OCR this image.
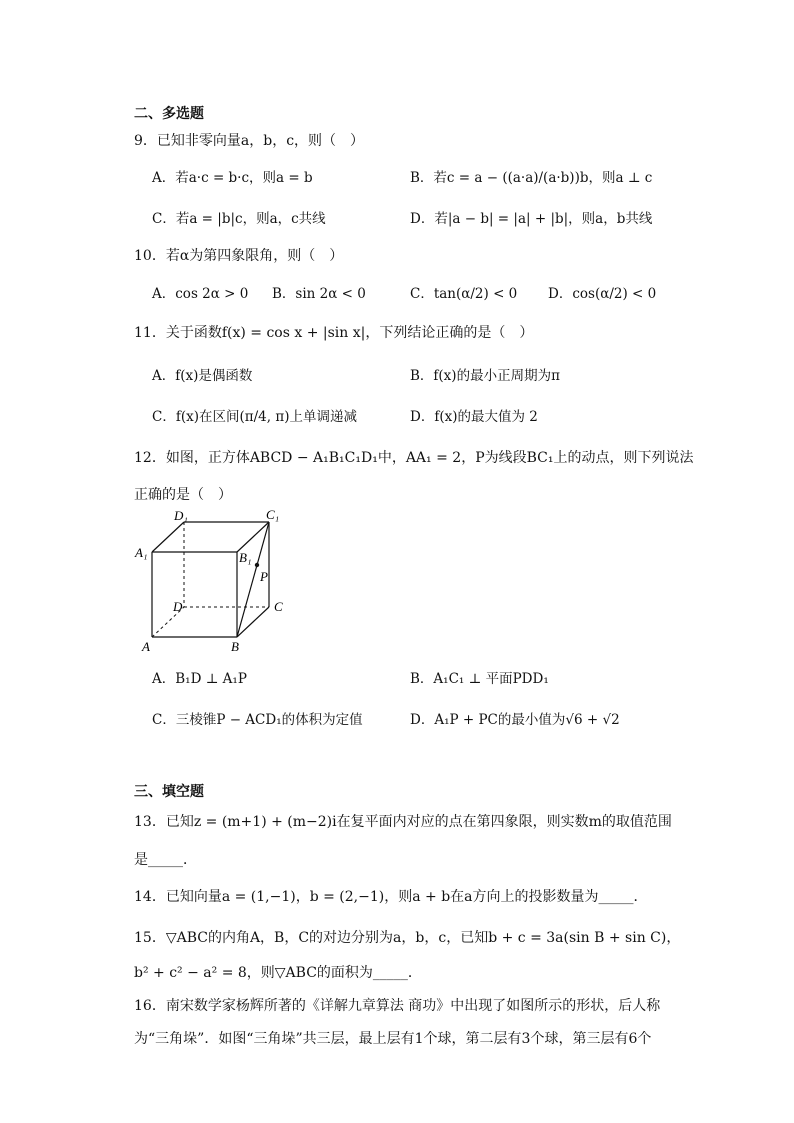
二、多选题
9．已知非零向量a，b，c，则（　）
A．若a·c = b·c，则a = b	B．若c = a − ((a·a)/(a·b))b，则a ⊥ c
C．若a = |b|c，则a，c共线	D．若|a − b| = |a| + |b|，则a，b共线
10．若α为第四象限角，则（　）
A．cos 2α > 0 B．sin 2α < 0	C．tan(α/2) < 0 D．cos(α/2) < 0
11．关于函数f(x) = cos x + |sin x|，下列结论正确的是（　）
A．f(x)是偶函数	B．f(x)的最小正周期为π
C．f(x)在区间(π/4, π)上单调递减	D．f(x)的最大值为 2
12．如图，正方体ABCD − A₁B₁C₁D₁中，AA₁ = 2，P为线段BC₁上的动点，则下列说法
正确的是（　）
D₁	C₁
A₁	B₁
P
D	C
A	B
A．B₁D ⊥ A₁P	B．A₁C₁ ⊥ 平面PDD₁
C．三棱锥P − ACD₁的体积为定值	D．A₁P + PC的最小值为√6 + √2
三、填空题
13．已知z = (m+1) + (m−2)i在复平面内对应的点在第四象限，则实数m的取值范围
是_____．
14．已知向量a = (1,−1)，b = (2,−1)，则a + b在a方向上的投影数量为_____．
15．▽ABC的内角A，B，C的对边分别为a，b，c，已知b + c = 3a(sin B + sin C)，
b² + c² − a² = 8，则▽ABC的面积为_____．
16．南宋数学家杨辉所著的《详解九章算法 商功》中出现了如图所示的形状，后人称
为“三角垛”．如图“三角垛”共三层，最上层有1个球，第二层有3个球，第三层有6个
